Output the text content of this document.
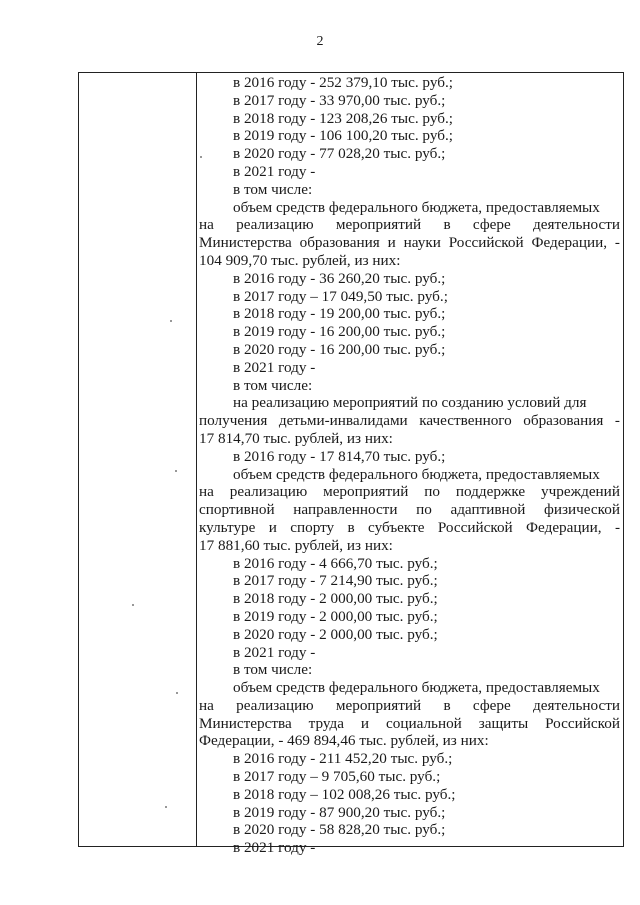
2
в 2016 году - 252 379,10 тыс. руб.;
в 2017 году - 33 970,00 тыс. руб.;
в 2018 году - 123 208,26 тыс. руб.;
в 2019 году - 106 100,20 тыс. руб.;
в 2020 году - 77 028,20 тыс. руб.;
в 2021 году -
в том числе:
объем средств федерального бюджета, предоставляемых
на реализацию мероприятий в сфере деятельности
Министерства образования и науки Российской Федерации, -
104 909,70 тыс. рублей, из них:
в 2016 году - 36 260,20 тыс. руб.;
в 2017 году – 17 049,50 тыс. руб.;
в 2018 году - 19 200,00 тыс. руб.;
в 2019 году - 16 200,00 тыс. руб.;
в 2020 году - 16 200,00 тыс. руб.;
в 2021 году -
в том числе:
на реализацию мероприятий по созданию условий для
получения детьми-инвалидами качественного образования -
17 814,70 тыс. рублей, из них:
в 2016 году - 17 814,70 тыс. руб.;
объем средств федерального бюджета, предоставляемых
на реализацию мероприятий по поддержке учреждений
спортивной направленности по адаптивной физической
культуре и спорту в субъекте Российской Федерации, -
17 881,60 тыс. рублей, из них:
в 2016 году - 4 666,70 тыс. руб.;
в 2017 году - 7 214,90 тыс. руб.;
в 2018 году - 2 000,00 тыс. руб.;
в 2019 году - 2 000,00 тыс. руб.;
в 2020 году - 2 000,00 тыс. руб.;
в 2021 году -
в том числе:
объем средств федерального бюджета, предоставляемых
на реализацию мероприятий в сфере деятельности
Министерства труда и социальной защиты Российской
Федерации, - 469 894,46 тыс. рублей, из них:
в 2016 году - 211 452,20 тыс. руб.;
в 2017 году – 9 705,60 тыс. руб.;
в 2018 году – 102 008,26 тыс. руб.;
в 2019 году - 87 900,20 тыс. руб.;
в 2020 году - 58 828,20 тыс. руб.;
в 2021 году -
